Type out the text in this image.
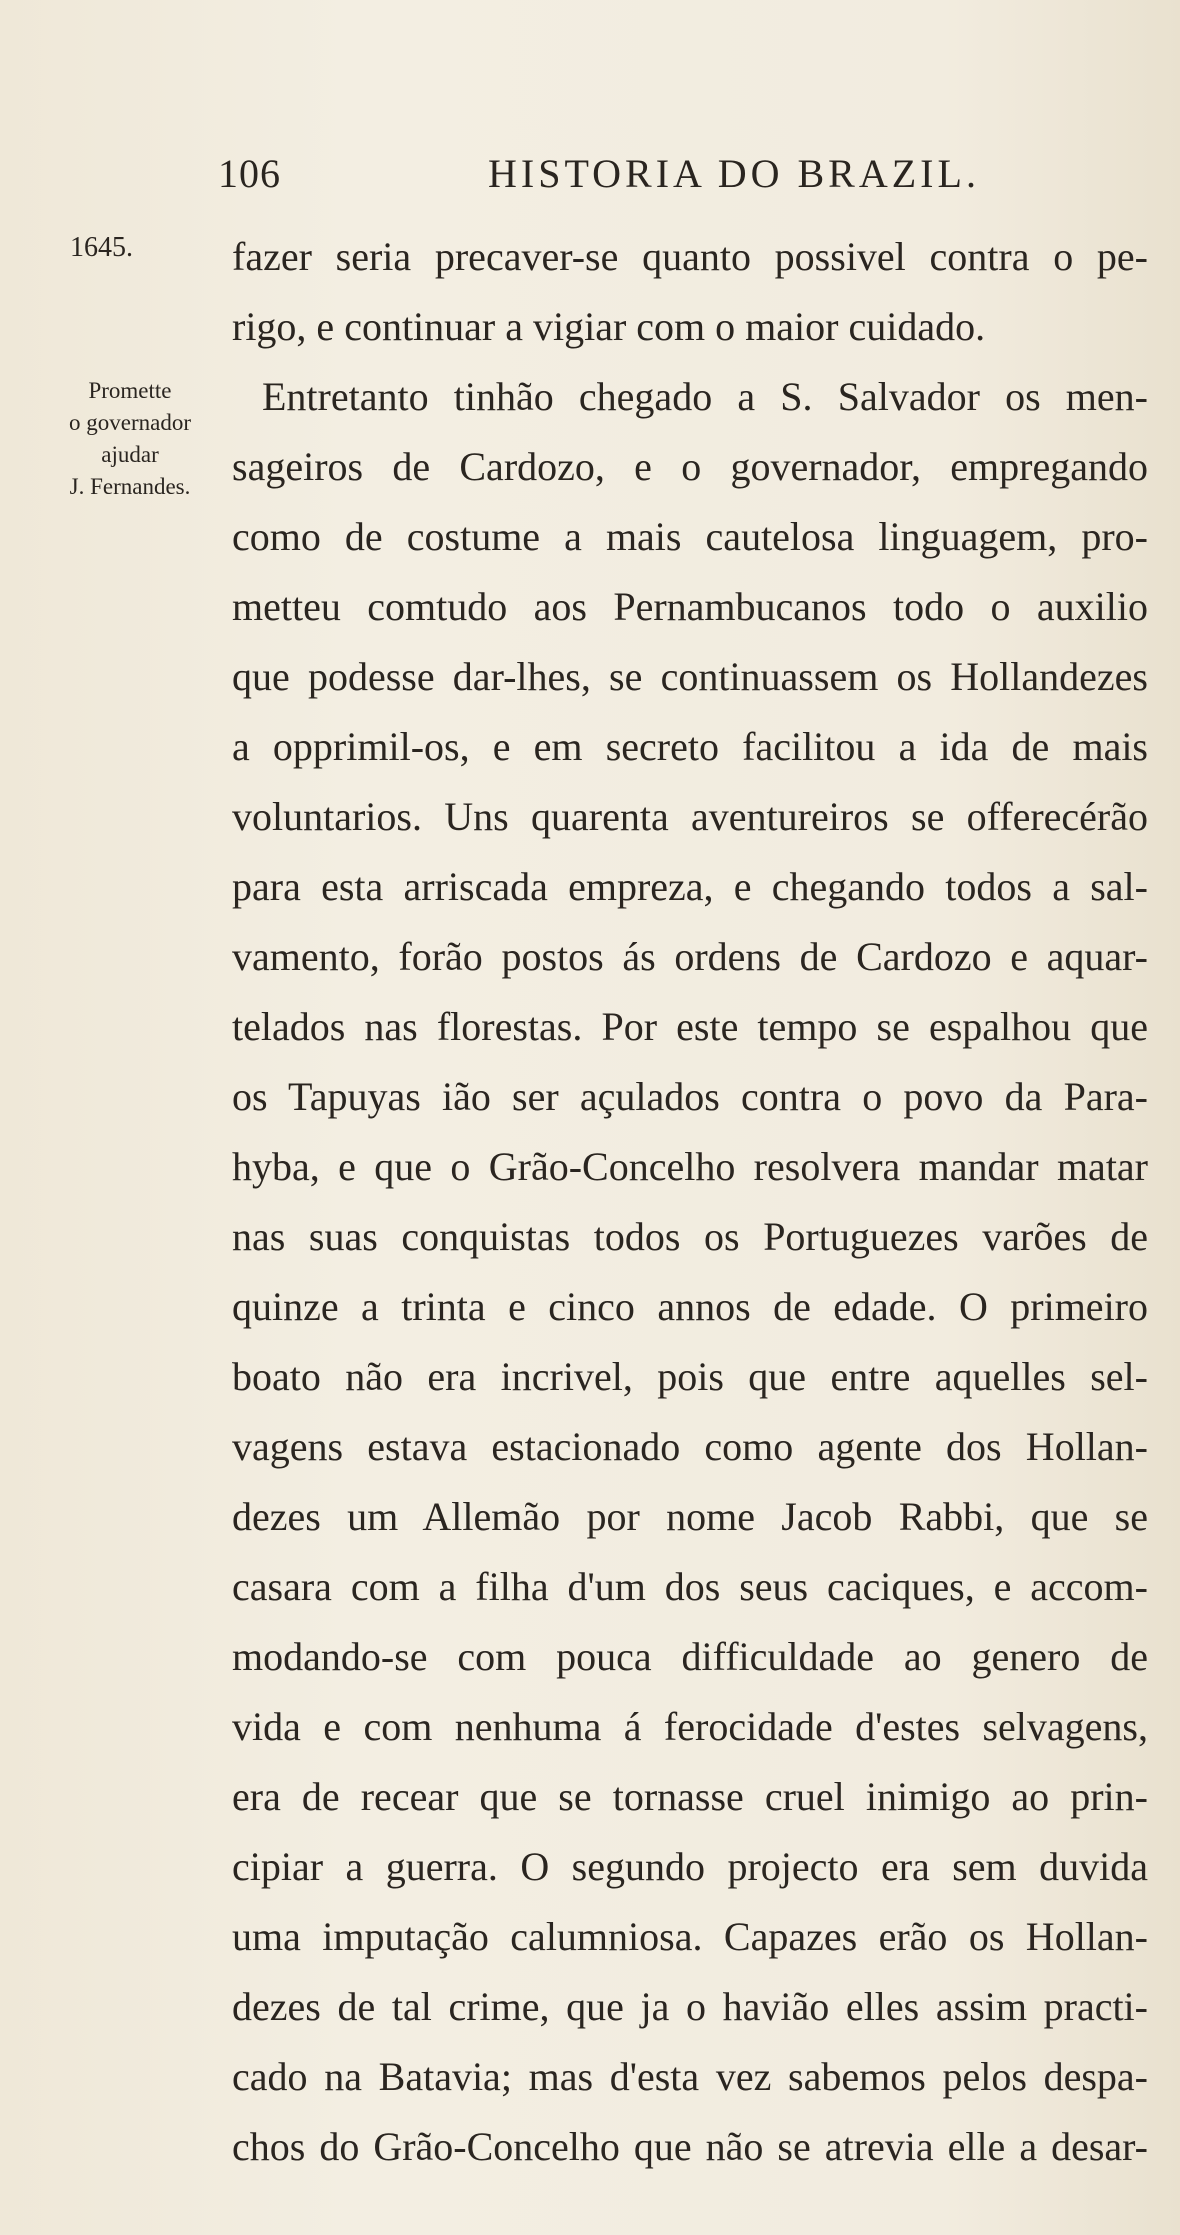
106	HISTORIA DO BRAZIL.
1645.
Promette
o governador
ajudar
J. Fernandes.
fazer seria precaver-se quanto possivel contra o pe-
rigo, e continuar a vigiar com o maior cuidado.
Entretanto tinhão chegado a S. Salvador os men-
sageiros de Cardozo, e o governador, empregando
como de costume a mais cautelosa linguagem, pro-
metteu comtudo aos Pernambucanos todo o auxilio
que podesse dar-lhes, se continuassem os Hollandezes
a opprimil-os, e em secreto facilitou a ida de mais
voluntarios. Uns quarenta aventureiros se offerecérão
para esta arriscada empreza, e chegando todos a sal-
vamento, forão postos ás ordens de Cardozo e aquar-
telados nas florestas. Por este tempo se espalhou que
os Tapuyas ião ser açulados contra o povo da Para-
hyba, e que o Grão-Concelho resolvera mandar matar
nas suas conquistas todos os Portuguezes varões de
quinze a trinta e cinco annos de edade. O primeiro
boato não era incrivel, pois que entre aquelles sel-
vagens estava estacionado como agente dos Hollan-
dezes um Allemão por nome Jacob Rabbi, que se
casara com a filha d'um dos seus caciques, e accom-
modando-se com pouca difficuldade ao genero de
vida e com nenhuma á ferocidade d'estes selvagens,
era de recear que se tornasse cruel inimigo ao prin-
cipiar a guerra. O segundo projecto era sem duvida
uma imputação calumniosa. Capazes erão os Hollan-
dezes de tal crime, que ja o havião elles assim practi-
cado na Batavia; mas d'esta vez sabemos pelos despa-
chos do Grão-Concelho que não se atrevia elle a desar-
